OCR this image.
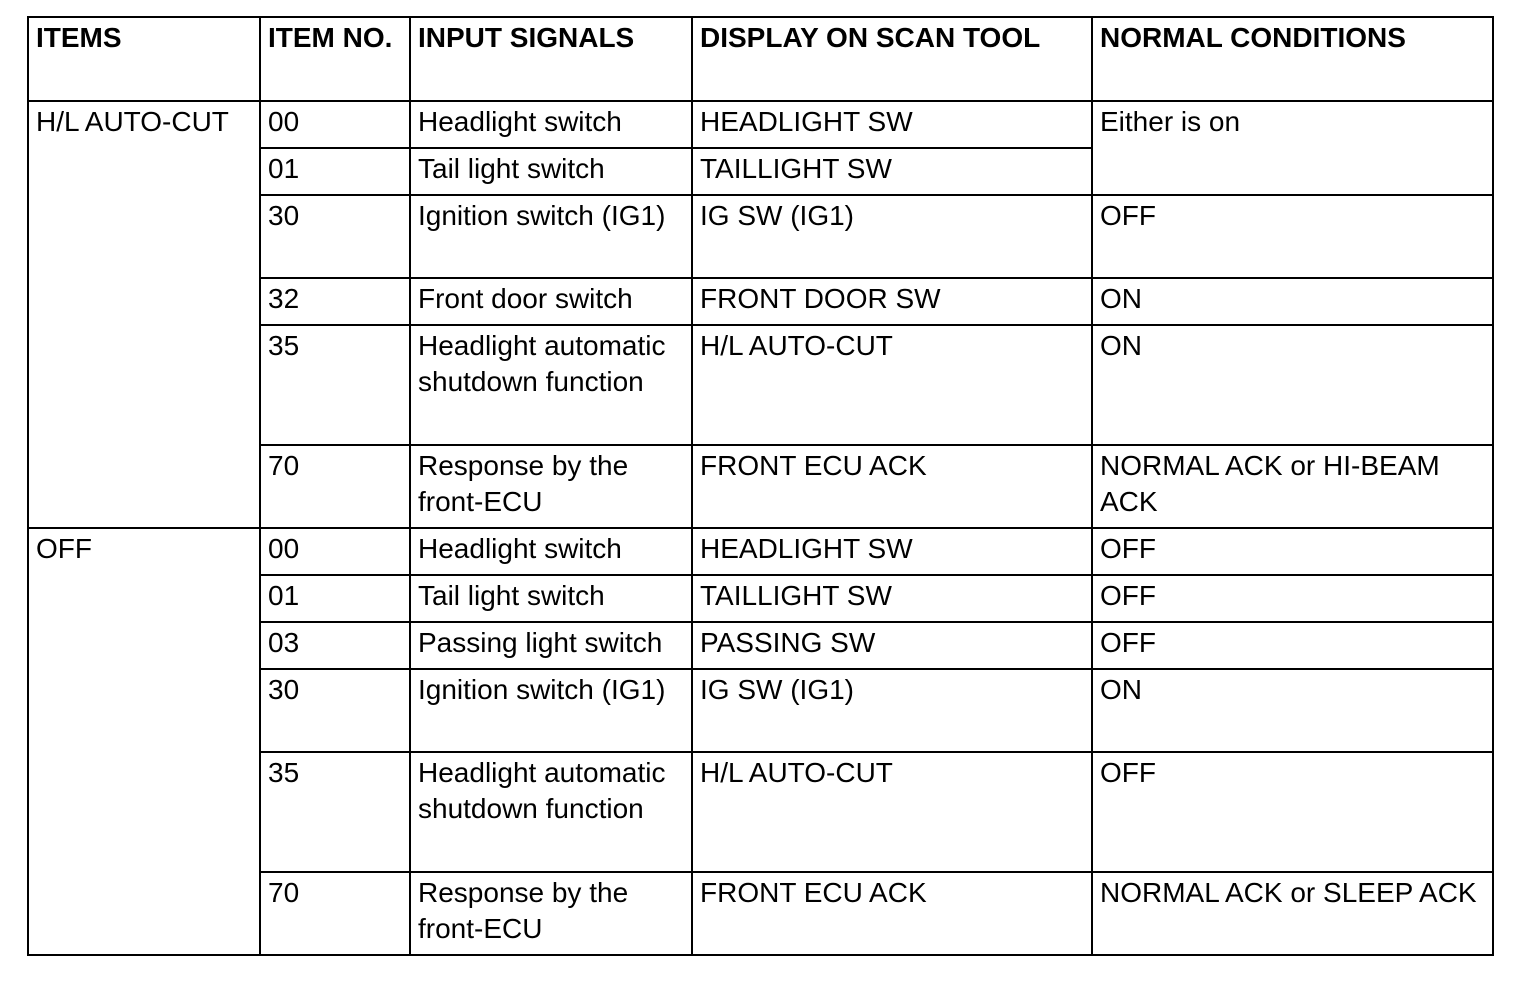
ITEMS	ITEM NO.	INPUT SIGNALS	DISPLAY ON SCAN TOOL	NORMAL CONDITIONS
H/L AUTO-CUT	00	Headlight switch	HEADLIGHT SW	Either is on
	01	Tail light switch	TAILLIGHT SW	
	30	Ignition switch (IG1)	IG SW (IG1)	OFF
	32	Front door switch	FRONT DOOR SW	ON
	35	Headlight automatic shutdown function	H/L AUTO-CUT	ON
	70	Response by the front-ECU	FRONT ECU ACK	NORMAL ACK or HI-BEAM ACK
OFF	00	Headlight switch	HEADLIGHT SW	OFF
	01	Tail light switch	TAILLIGHT SW	OFF
	03	Passing light switch	PASSING SW	OFF
	30	Ignition switch (IG1)	IG SW (IG1)	ON
	35	Headlight automatic shutdown function	H/L AUTO-CUT	OFF
	70	Response by the front-ECU	FRONT ECU ACK	NORMAL ACK or SLEEP ACK
